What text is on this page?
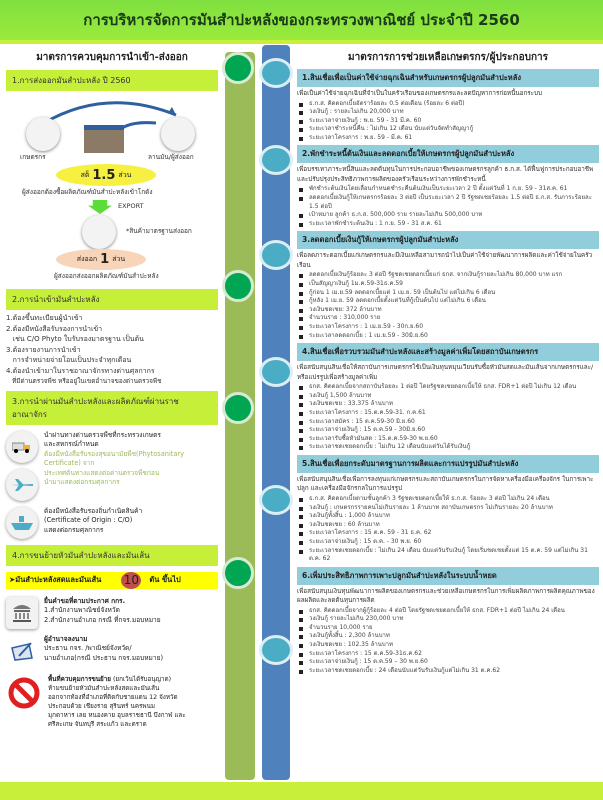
การบริหารจัดการมันสำปะหลังของกระทรวงพาณิชย์ ประจำปี 2560
มาตรการควบคุมการนำเข้า-ส่งออก
1.การส่งออกมันสำปะหลัง ปี 2560
เกษตรกร	ลานมัน/ผู้ส่งออก
สต็ 1.5 ส่วน
ผู้ส่งออกต้องซื้อผลิตภัณฑ์มันสำปะหลังเข้าโกดัง
EXPORT
*สินค้ามาตรฐานส่งออก
ส่งออก 1 ส่วน
ผู้ส่งออกส่งออกผลิตภัณฑ์มันสำปะหลัง
2.การนำเข้ามันสำปะหลัง
1.ต้องขึ้นทะเบียนผู้นำเข้า
2.ต้องมีหนังสือรับรองการนำเข้า
เช่น C/O Phyto ใบรับรองมาตรฐาน เป็นต้น
3.ต้องรายงานการนำเข้า
การจำหน่ายจ่ายโอนเป็นประจำทุกเดือน
4.ต้องนำเข้ามาในราชอาณาจักรทางด่านศุลกากร
ที่มีด่านตรวจพืช หรืออยู่ในเขตอำนาจของด่านตรวจพืช
3.การนำผ่านมันสำปะหลังและผลิตภัณฑ์ผ่านราชอาณาจักร
นำผ่านทางด่านตรวจพืชที่กระทรวงเกษตร
และสหกรณ์กำหนด
ต้องมีหนังสือรับรองสุขอนามัยพืช(Phytosanitary
Certificate) จาก
ประเทศต้นทางแสดงต่อด่านตรวจพืชก่อน
นำมาแสดงต่อกรมศุลกากร
ต้องมีหนังสือรับรองถิ่นกำเนิดสินค้า
(Certificate of Origin : C/O)
แสดงต่อกรมศุลกากร
4.การขนย้ายหัวมันสำปะหลังและมันเส้น
➤มันสำปะหลังสดและมันเส้น 10	ตัน ขึ้นไป
ยื่นคำขอที่ตามประกาศ กกร.
1.สำนักงานพาณิชย์จังหวัด
2.สำนักงานอำเภอ กรณี ที่กจร.มอบหมาย
ผู้อำนาจลงนาม
ประธาน กจร. /พาณิชย์จังหวัด/
นายอำเภอ(กรณี ประธาน กจร.มอบหมาย)
พื้นที่ควบคุมการขนย้าย (ยกเว้นได้รับอนุญาต)
ห้ามขนย้ายหัวมันสำปะหลังสดและมันเส้น
ออกจากท้องที่อำเภอที่ติดกับชายแดน 12 จังหวัด
ประกอบด้วย เชียงราย สุรินทร์ นครพนม
มุกดาหาร เลย หนองคาย อุบลราชธานี บึงกาฬ และ
ศรีสะเกษ จันทบุรี สระแก้ว และตราด
มาตรการการช่วยเหลือเกษตรกร/ผู้ประกอบการ
1.สินเชื่อเพื่อเป็นค่าใช้จ่ายฉุกเฉินสำหรับเกษตรกรผู้ปลูกมันสำปะหลัง
เพื่อเป็นค่าใช้จ่ายฉุกเฉินที่จำเป็นในครัวเรือนของเกษตรกรและลดปัญหาการก่อหนี้นอกระบบ
ธ.ก.ส. คิดดอกเบี้ยอัตราร้อยละ 0.5 ต่อเดือน (ร้อยละ 6 ต่อปี)
วงเงินกู้ : รายละไม่เกิน 20,000 บาท
ระยะเวลาจ่ายเงินกู้ : พ.ย. 59 - 31 มี.ค. 60
ระยะเวลาชำระหนี้คืน : ไม่เกิน 12 เดือน นับแต่วันจัดทำสัญญากู้
ระยะเวลาโครงการ : พ.ย. 59 - มี.ค. 61
2.พักชำระหนี้ต้นเงินและลดดอกเบี้ยให้เกษตรกรผู้ปลูกมันสำปะหลัง
เพื่อบรรเทาภาระหนี้สินและลดต้นทุนในการประกอบอาชีพของเกษตรกรลูกค้า ธ.ก.ส. ได้ฟื้นฟูการประกอบอาชีพและปรับปรุงประสิทธิภาพการผลิตของครัวเรือนระหว่างการพักชำระหนี้
พักชำระต้นเงินโดยเลื่อนกำหนดชำระคืนต้นเงินเป็นระยะเวลา 2 ปี ตั้งแต่วันที่ 1 ก.ย. 59 - 31ส.ค. 61
ลดดอกเบี้ยเงินกู้ให้เกษตรกรร้อยละ 3 ต่อปี เป็นระยะเวลา 2 ปี รัฐชดเชยร้อยละ 1.5 ต่อปี ธ.ก.ส. รับภาระร้อยละ 1.5 ต่อปี
เป้าหมาย ลูกค้า ธ.ก.ส. 500,000 ราย รายละไม่เกิน 500,000 บาท
ระยะเวลาพักชำระต้นเงิน : 1 ก.ย. 59 - 31 ส.ค. 61
3.ลดดอกเบี้ยเงินกู้ให้เกษตรกรผู้ปลูกมันสำปะหลัง
เพื่อลดภาระดอกเบี้ยแก่เกษตรกรและมีเงินเหลือสามารถนำไปเป็นค่าใช้จ่ายพัฒนาการผลิตและค่าใช้จ่ายในครัวเรือน
ลดดอกเบี้ยเงินกู้ร้อยละ 3 ต่อปี รัฐชดเชยดอกเบี้ยแก่ ธกส. จากเงินกู้รายละไม่เกิน 80,000 บาท แรก
เป็นสัญญาเงินกู้ 1ม.ค.59-31ธ.ค.59
กู้ก่อน 1 เม.ย.59 ลดดอกเบี้ยแต่ 1 เม.ย. 59 เป็นต้นไป แต่ไม่เกิน 6 เดือน
กู้หลัง 1 เม.ย. 59 ลดดอกเบี้ยตั้งแต่วันที่กู้เป็นต้นไป แต่ไม่เกิน 6 เดือน
วงเงินชดเชย: 372 ล้านบาท
จำนวนราย : 310,000 ราย
ระยะเวลาโครงการ : 1 เม.ย.59 - 30ก.ย.60
ระยะเวลาลดดอกเบี้ย : 1 เม.ย.59 - 30มิ.ย.60
4.สินเชื่อเพื่อรวบรวมมันสำปะหลังและสร้างมูลค่าเพิ่มโดยสถาบันเกษตรกร
เพื่อสนับสนุนสินเชื่อให้สถาบันการเกษตรกรใช้เป็นเงินทุนหมุนเวียนรับซื้อหัวมันสดและมันเส้นจากเกษตรกรและ/หรือแปรรูปเพื่อสร้างมูลค่าเพิ่ม
ธกส. คิดดอกเบี้ยจากสถาบันร้อยละ 1 ต่อปี โดยรัฐชดเชยดอกเบี้ยให้ ธกส. FDR+1 ต่อปี ไม่เกิน 12 เดือน
วงเงินกู้ 1,500 ล้านบาท
วงเงินชดเชย : 33.375 ล้านบาท
ระยะเวลาโครงการ : 15.ต.ค.59-31. ก.ค.61
ระยะเวลาสมัคร : 15 ต.ค.59-30 มิ.ย.60
ระยะเวลาจ่ายเงินกู้ : 15 ต.ค.59 - 30มิ.ย.60
ระยะเวลารับซื้อหัวมันสด : 15.ต.ค.59-30 พ.ย.60
ระยะเวลาชดเชยดอกเบี้ย : ไม่เกิน 12 เดือนนับแต่วันได้รับเงินกู้
5.สินเชื่อเพื่อยกระดับมาตรฐานการผลิตและการแปรรูปมันสำปะหลัง
เพื่อสนับสนุนสินเชื่อเพื่อการลงทุนแก่เกษตรกรและสถาบันเกษตรกรในการจัดหาเครื่องมือเครื่องจักร ในการเพาะปลูก และเครื่องมือจักรกลในการแปรรูป
ธ.ก.ส. คิดดอกเบี้ยตามชั้นลูกค้า 3 รัฐชดเชยดอกเบี้ยให้ ธ.ก.ส. ร้อยละ 3 ต่อปี ไม่เกิน 24 เดือน
วงเงินกู้ : เกษตรกรรายคนไม่เกินรายละ 1 ล้านบาท สถาบันเกษตรกร ไม่เกินรายละ 20 ล้านบาท
วงเงินกู้ทั้งสิ้น : 1,000 ล้านบาท
วงเงินชดเชย : 60 ล้านบาท
ระยะเวลาโครงการ : 15 ต.ค. 59 - 31 ธ.ค. 62
ระยะเวลาจ่ายเงินกู้ : 15 ต.ค. - 30 พ.ย. 60
ระยะเวลาชดเชยดอกเบี้ย : ไม่เกิน 24 เดือน นับแต่วันรับเงินกู้ โดยเริ่มชดเชยตั้งแต่ 15 ต.ค. 59 แต่ไม่เกิน 31 ต.ค. 62
6.เพิ่มประสิทธิภาพการเพาะปลูกมันสำปะหลังในระบบน้ำหยด
เพื่อสนับสนุนเงินทุนพัฒนาการผลิตของเกษตรกรและช่วยเหลือเกษตรกรในการเพิ่มผลิตภาพการผลิตคุณภาพของผลผลิตและลดต้นทุนการผลิต
ธกส. คิดดอกเบี้ยจากผู้กู้ร้อยละ 4 ต่อปี โดยรัฐชดเชยดอกเบี้ยให้ ธกส. FDR+1 ต่อปี ไม่เกิน 24 เดือน
วงเงินกู้ รายละไม่เกิน 230,000 บาท
จำนวนราย 10,000 ราย
วงเงินกู้ทั้งสิ้น : 2,300 ล้านบาท
วงเงินชดเชย : 102.35 ล้านบาท
ระยะเวลาโครงการ : 15 ต.ค.59-31ธ.ค.62
ระยะเวลาจ่ายเงินกู้ : 15 ต.ค.59 – 30 พ.ย.60
ระยะเวลาชดเชยดอกเบี้ย : 24 เดือนนับแต่วันรับเงินกู้แต่ไม่เกิน 31 ต.ค.62
